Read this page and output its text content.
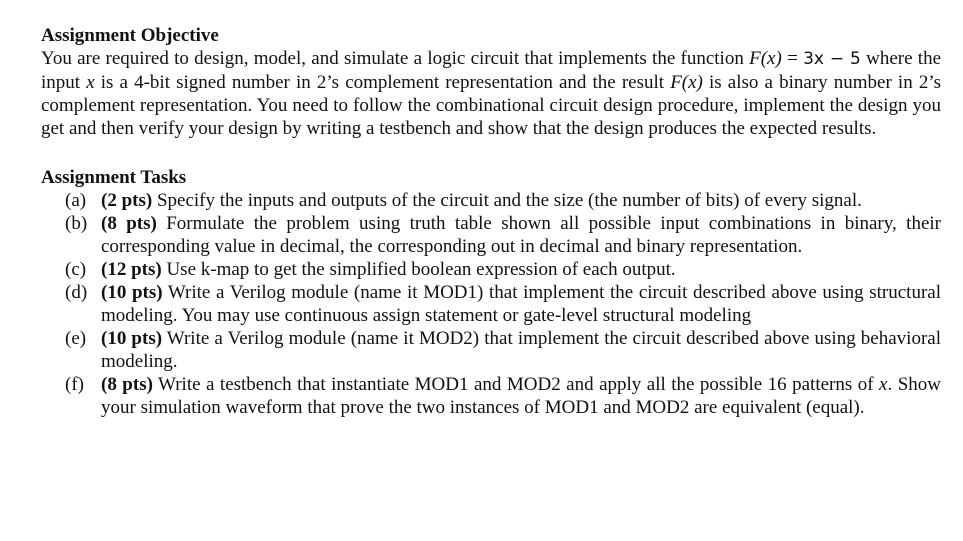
Assignment Objective

You are required to design, model, and simulate a logic circuit that implements the function F(x) = 3x − 5 where the input x is a 4-bit signed number in 2’s complement representation and the result F(x) is also a binary number in 2’s complement representation. You need to follow the combinational circuit design procedure, implement the design you get and then verify your design by writing a testbench and show that the design produces the expected results.

Assignment Tasks
(a) (2 pts) Specify the inputs and outputs of the circuit and the size (the number of bits) of every signal.
(b) (8 pts) Formulate the problem using truth table shown all possible input combinations in binary, their corresponding value in decimal, the corresponding out in decimal and binary representation.
(c) (12 pts) Use k-map to get the simplified boolean expression of each output.
(d) (10 pts) Write a Verilog module (name it MOD1) that implement the circuit described above using structural modeling. You may use continuous assign statement or gate-level structural modeling
(e) (10 pts) Write a Verilog module (name it MOD2) that implement the circuit described above using behavioral modeling.
(f) (8 pts) Write a testbench that instantiate MOD1 and MOD2 and apply all the possible 16 patterns of x. Show your simulation waveform that prove the two instances of MOD1 and MOD2 are equivalent (equal).
